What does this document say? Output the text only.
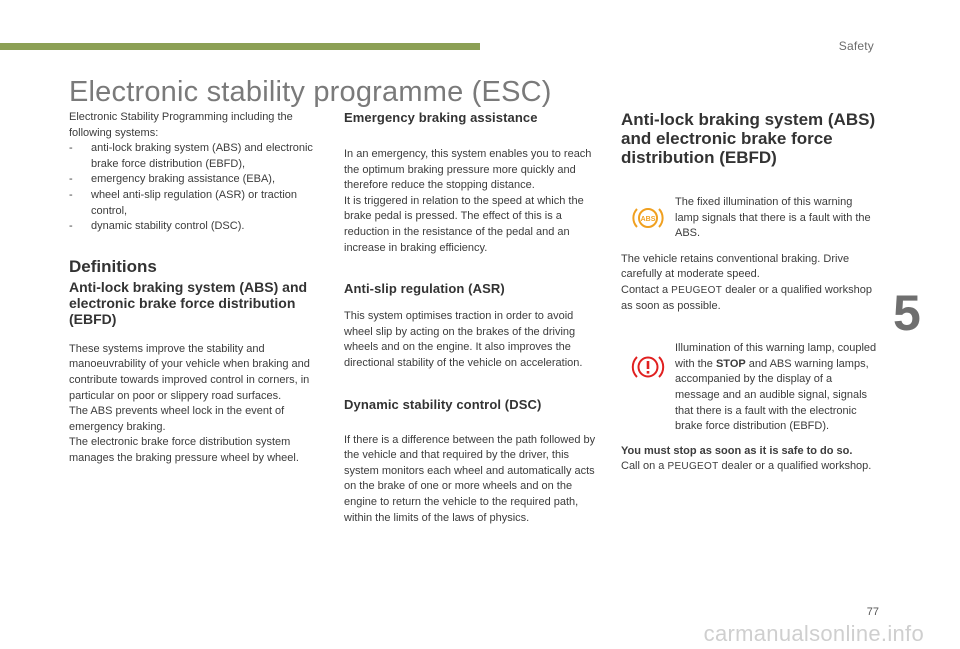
Safety
5
Electronic stability programme (ESC)

Electronic Stability Programming including the following systems:

- anti-lock braking system (ABS) and electronic brake force distribution (EBFD),
- emergency braking assistance (EBA),
- wheel anti-slip regulation (ASR) or traction control,
- dynamic stability control (DSC).
Definitions
Anti-lock braking system (ABS) and electronic brake force distribution (EBFD)

These systems improve the stability and manoeuvrability of your vehicle when braking and contribute towards improved control in corners, in particular on poor or slippery road surfaces.

The ABS prevents wheel lock in the event of emergency braking.

The electronic brake force distribution system manages the braking pressure wheel by wheel.

Emergency braking assistance

In an emergency, this system enables you to reach the optimum braking pressure more quickly and therefore reduce the stopping distance.

It is triggered in relation to the speed at which the brake pedal is pressed. The effect of this is a reduction in the resistance of the pedal and an increase in braking efficiency.

Anti-slip regulation (ASR)

This system optimises traction in order to avoid wheel slip by acting on the brakes of the driving wheels and on the engine. It also improves the directional stability of the vehicle on acceleration.

Dynamic stability control (DSC)

If there is a difference between the path followed by the vehicle and that required by the driver, this system monitors each wheel and automatically acts on the brake of one or more wheels and on the engine to return the vehicle to the required path, within the limits of the laws of physics.

Anti-lock braking system (ABS) and electronic brake force distribution (EBFD)
ABS

The fixed illumination of this warning lamp signals that there is a fault with the ABS.

The vehicle retains conventional braking. Drive carefully at moderate speed.

Contact a PEUGEOT dealer or a qualified workshop as soon as possible.

Illumination of this warning lamp, coupled with the STOP and ABS warning lamps, accompanied by the display of a message and an audible signal, signals that there is a fault with the electronic brake force distribution (EBFD).

You must stop as soon as it is safe to do so.

Call on a PEUGEOT dealer or a qualified workshop.

77
carmanualsonline.info
